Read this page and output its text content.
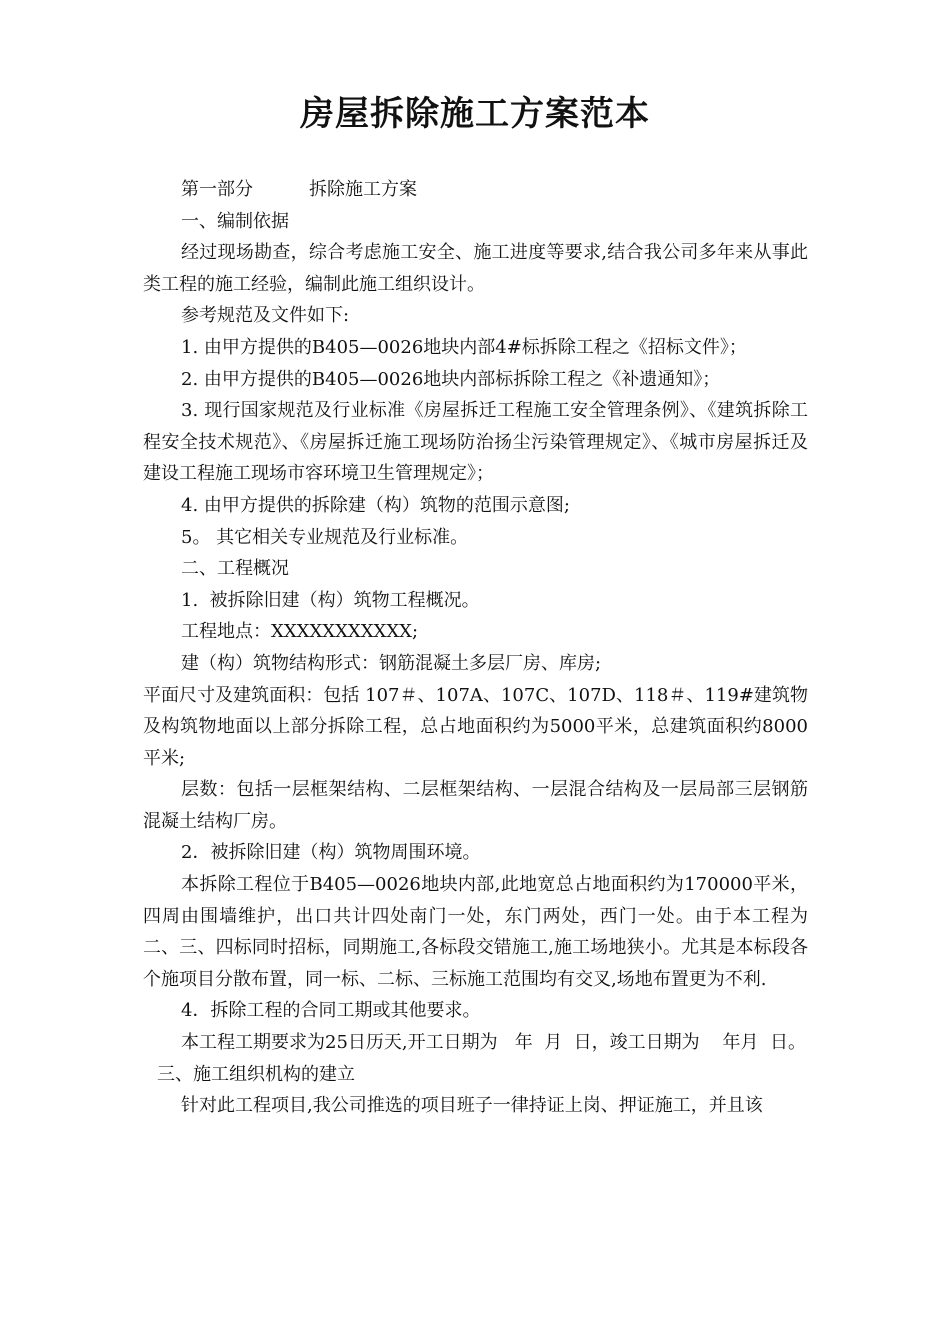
房屋拆除施工方案范本

第一部分	拆除施工方案

一、编制依据

经过现场勘查，综合考虑施工安全、施工进度等要求,结合我公司多年来从事此类工程的施工经验，编制此施工组织设计。

参考规范及文件如下:

1. 由甲方提供的B405—0026地块内部4#标拆除工程之《招标文件》；

2. 由甲方提供的B405—0026地块内部标拆除工程之《补遗通知》；

3. 现行国家规范及行业标准《房屋拆迁工程施工安全管理条例》、《建筑拆除工程安全技术规范》、《房屋拆迁施工现场防治扬尘污染管理规定》、《城市房屋拆迁及建设工程施工现场市容环境卫生管理规定》；

4. 由甲方提供的拆除建（构）筑物的范围示意图;

5。 其它相关专业规范及行业标准。

二、工程概况

1.  被拆除旧建（构）筑物工程概况。

工程地点：XXXXXXXXXXX;

建（构）筑物结构形式：钢筋混凝土多层厂房、库房;

平面尺寸及建筑面积：包括 107＃、107A、107C、107D、118＃、119#建筑物及构筑物地面以上部分拆除工程，总占地面积约为5000平米，总建筑面积约8000平米;

层数：包括一层框架结构、二层框架结构、一层混合结构及一层局部三层钢筋混凝土结构厂房。

2．被拆除旧建（构）筑物周围环境。

本拆除工程位于B405—0026地块内部,此地宽总占地面积约为170000平米，四周由围墙维护，出口共计四处南门一处，东门两处，西门一处。由于本工程为二、三、四标同时招标，同期施工,各标段交错施工,施工场地狭小。尤其是本标段各个施项目分散布置，同一标、二标、三标施工范围均有交叉,场地布置更为不利.

4．拆除工程的合同工期或其他要求。

本工程工期要求为25日历天,开工日期为   年  月  日，竣工日期为    年月  日。

三、施工组织机构的建立

针对此工程项目,我公司推选的项目班子一律持证上岗、押证施工，并且该
